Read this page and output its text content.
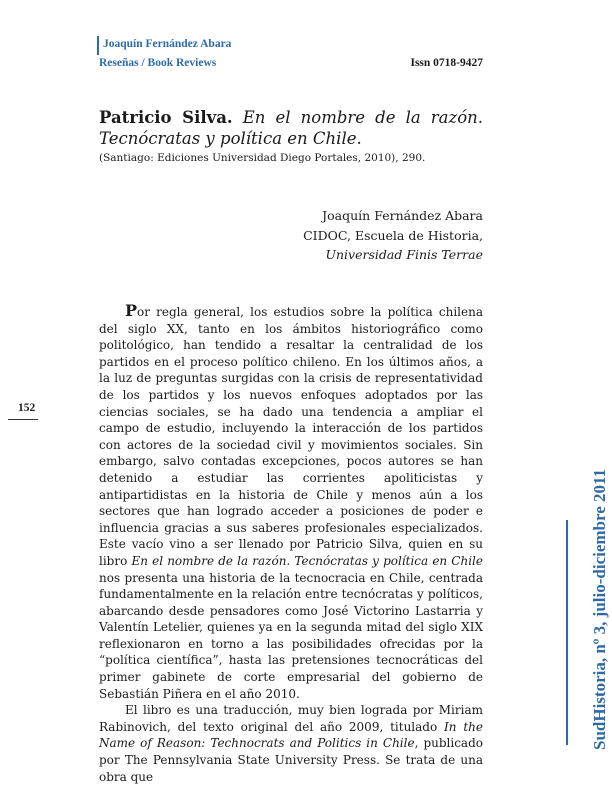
Joaquín Fernández Abara
Reseñas / Book Reviews	Issn 0718-9427
Patricio Silva. En el nombre de la razón.
Tecnócratas y política en Chile.
(Santiago: Ediciones Universidad Diego Portales, 2010), 290.
Joaquín Fernández Abara
CIDOC, Escuela de Historia,
Universidad Finis Terrae
152

Por regla general, los estudios sobre la política chilena del siglo XX, tanto en los ámbitos historiográfico como politológico, han tendido a resaltar la centralidad de los partidos en el proceso político chileno. En los últimos años, a la luz de preguntas surgidas con la crisis de representatividad de los partidos y los nuevos enfoques adoptados por las ciencias sociales, se ha dado una tendencia a ampliar el campo de estudio, incluyendo la interacción de los partidos con actores de la sociedad civil y movimientos sociales. Sin embargo, salvo contadas excepciones, pocos autores se han detenido a estudiar las corrientes apoliticistas y antipartidistas en la historia de Chile y menos aún a los sectores que han logrado acceder a posiciones de poder e influencia gracias a sus saberes profesionales especializados. Este vacío vino a ser llenado por Patricio Silva, quien en su libro En el nombre de la razón. Tecnócratas y política en Chile nos presenta una historia de la tecnocracia en Chile, centrada fundamentalmente en la relación entre tecnócratas y políticos, abarcando desde pensadores como José Victorino Lastarria y Valentín Letelier, quienes ya en la segunda mitad del siglo XIX reflexionaron en torno a las posibilidades ofrecidas por la “política científica”, hasta las pretensiones tecnocráticas del primer gabinete de corte empresarial del gobierno de Sebastián Piñera en el año 2010.

El libro es una traducción, muy bien lograda por Miriam Rabinovich, del texto original del año 2009, titulado In the Name of Reason: Technocrats and Politics in Chile, publicado por The Pennsylvania State University Press. Se trata de una obra que

SudHistoria, nº 3, julio-diciembre 2011
